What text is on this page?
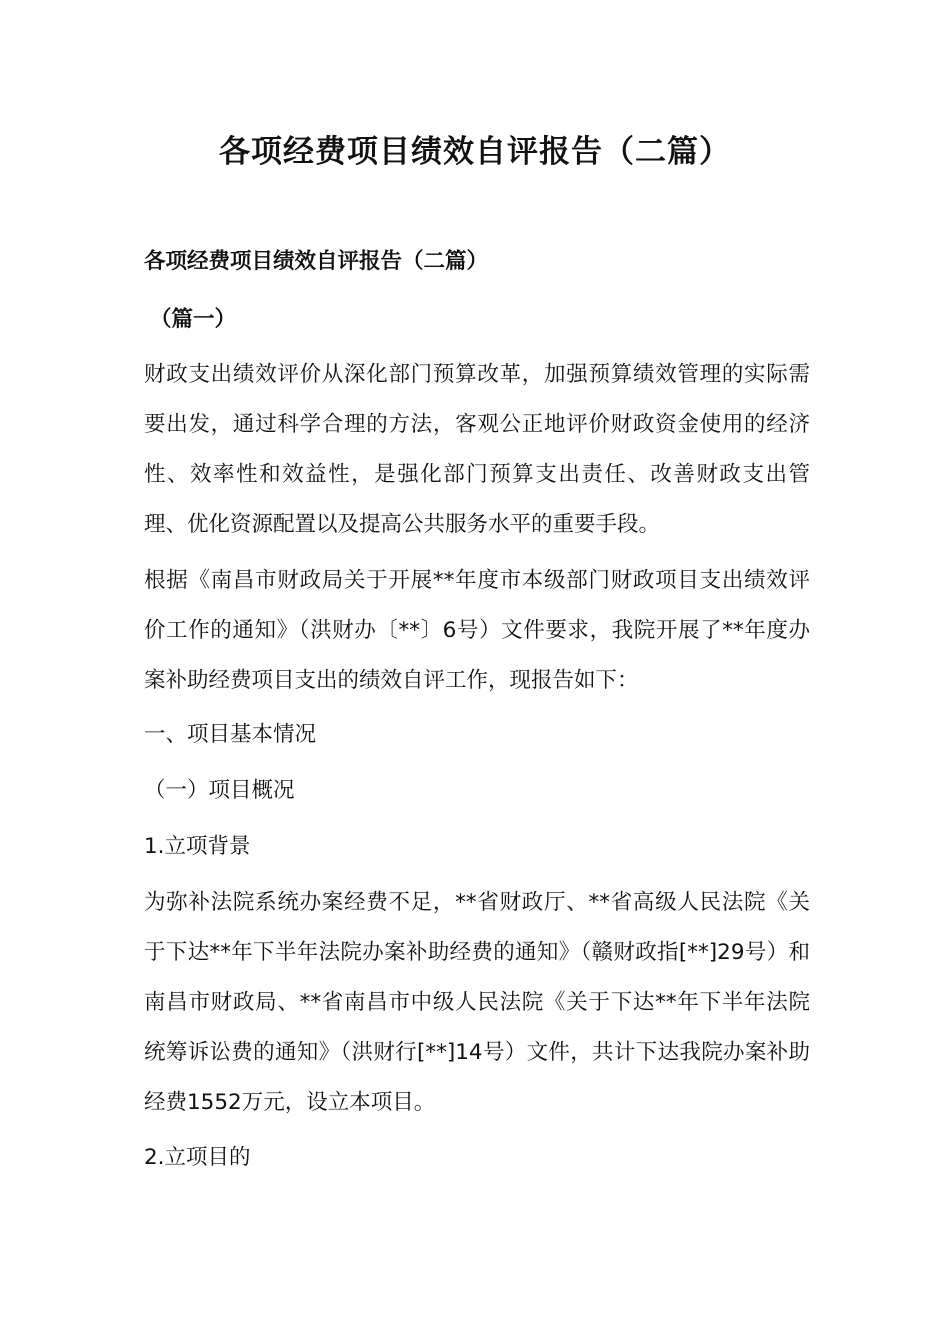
各项经费项目绩效自评报告（二篇）
各项经费项目绩效自评报告（二篇）
（篇一）

财政支出绩效评价从深化部门预算改革，加强预算绩效管理的实际需要出发，通过科学合理的方法，客观公正地评价财政资金使用的经济性、效率性和效益性，是强化部门预算支出责任、改善财政支出管理、优化资源配置以及提高公共服务水平的重要手段。

根据《南昌市财政局关于开展**年度市本级部门财政项目支出绩效评价工作的通知》（洪财办〔**〕6号）文件要求，我院开展了**年度办案补助经费项目支出的绩效自评工作，现报告如下：

一、项目基本情况

（一）项目概况

1.立项背景

为弥补法院系统办案经费不足，**省财政厅、**省高级人民法院《关于下达**年下半年法院办案补助经费的通知》（赣财政指[**]29号）和南昌市财政局、**省南昌市中级人民法院《关于下达**年下半年法院统筹诉讼费的通知》（洪财行[**]14号）文件，共计下达我院办案补助经费1552万元，设立本项目。

2.立项目的
